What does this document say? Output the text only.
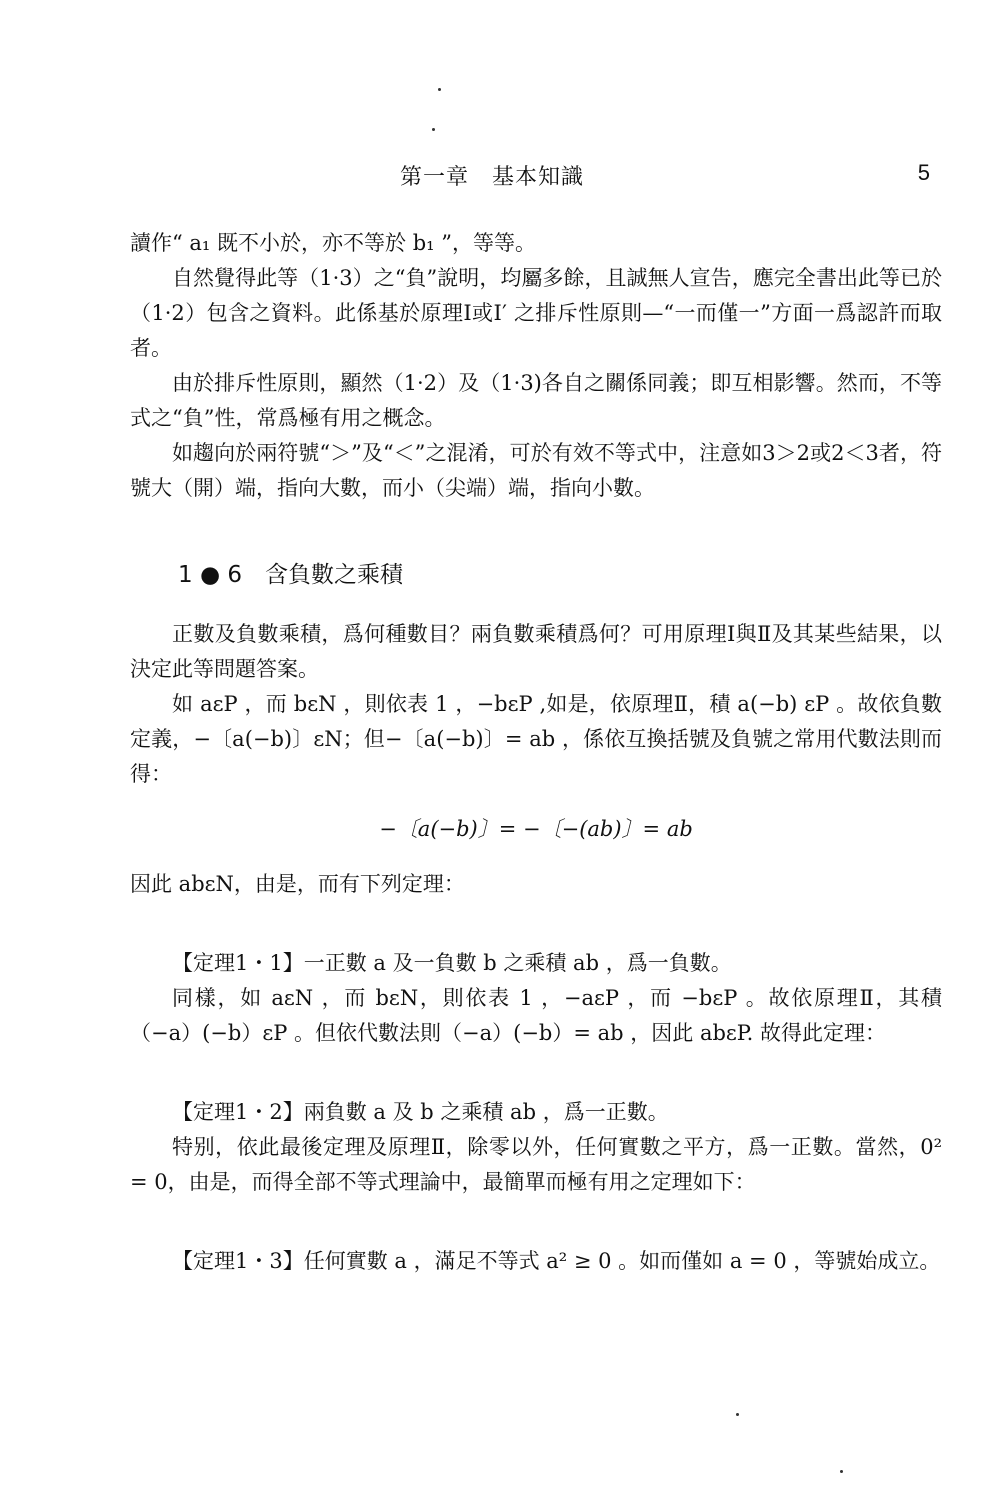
第一章　基本知識	5

讀作“ a₁ 既不小於，亦不等於 b₁ ”，等等。

自然覺得此等（1·3）之“負”說明，均屬多餘，且誠無人宣告，應完全書出此等已於（1·2）包含之資料。此係基於原理Ⅰ或Ⅰ′ 之排斥性原則—“一而僅一”方面一爲認許而取者。

由於排斥性原則，顯然（1·2）及（1·3)各自之關係同義；即互相影響。然而，不等式之“負”性，常爲極有用之概念。

如趨向於兩符號“＞”及“＜”之混淆，可於有效不等式中，注意如3＞2或2＜3者，符號大（開）端，指向大數，而小（尖端）端，指向小數。

1 ● 6　含負數之乘積

正數及負數乘積，爲何種數目？兩負數乘積爲何？可用原理Ⅰ與Ⅱ及其某些結果，以決定此等問題答案。

如 aεP ，而 bεN ，則依表 1 ，−bεP ,如是，依原理Ⅱ，積 a(−b) εP 。故依負數定義，−〔a(−b)〕εN；但−〔a(−b)〕= ab ，係依互換括號及負號之常用代數法則而得：

−〔a(−b)〕= −〔−(ab)〕= ab

因此 abεN，由是，而有下列定理：

【定理1・1】一正數 a 及一負數 b 之乘積 ab ，爲一負數。

同樣，如 aεN ，而 bεN，則依表 1 ，−aεP ，而 −bεP 。故依原理Ⅱ，其積（−a）(−b）εP 。但依代數法則（−a）(−b）= ab ，因此 abεP. 故得此定理：

【定理1・2】兩負數 a 及 b 之乘積 ab ，爲一正數。

特别，依此最後定理及原理Ⅱ，除零以外，任何實數之平方，爲一正數。當然，0² = 0，由是，而得全部不等式理論中，最簡單而極有用之定理如下：

【定理1・3】任何實數 a ，滿足不等式 a² ≥ 0 。如而僅如 a = 0 ，等號始成立。
